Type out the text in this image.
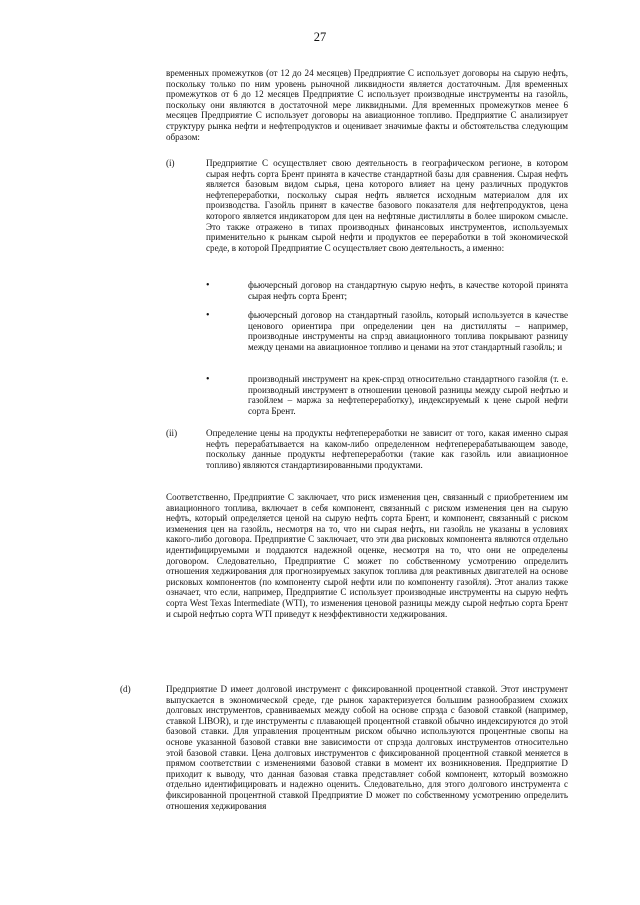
27

временных промежутков (от 12 до 24 месяцев) Предприятие С использует договоры на сырую нефть, поскольку только по ним уровень рыночной ликвидности является достаточным. Для временных промежутков от 6 до 12 месяцев Предприятие С использует производные инструменты на газойль, поскольку они являются в достаточной мере ликвидными. Для временных промежутков менее 6 месяцев Предприятие С использует договоры на авиационное топливо. Предприятие С анализирует структуру рынка нефти и нефтепродуктов и оценивает значимые факты и обстоятельства следующим образом:

(i)	Предприятие С осуществляет свою деятельность в географическом регионе, в котором сырая нефть сорта Брент принята в качестве стандартной базы для сравнения. Сырая нефть является базовым видом сырья, цена которого влияет на цену различных продуктов нефтепереработки, поскольку сырая нефть является исходным материалом для их производства. Газойль принят в качестве базового показателя для нефтепродуктов, цена которого является индикатором для цен на нефтяные дистилляты в более широком смысле. Это также отражено в типах производных финансовых инструментов, используемых применительно к рынкам сырой нефти и продуктов ее переработки в той экономической среде, в которой Предприятие С осуществляет свою деятельность, а именно:

•	фьючерсный договор на стандартную сырую нефть, в качестве которой принята сырая нефть сорта Брент;
•	фьючерсный договор на стандартный газойль, который используется в качестве ценового ориентира при определении цен на дистилляты – например, производные инструменты на спрэд авиационного топлива покрывают разницу между ценами на авиационное топливо и ценами на этот стандартный газойль; и
•	производный инструмент на крек-спрэд относительно стандартного газойля (т. е. производный инструмент в отношении ценовой разницы между сырой нефтью и газойлем – маржа за нефтепереработку), индексируемый к цене сырой нефти сорта Брент.
(ii)	Определение цены на продукты нефтепереработки не зависит от того, какая именно сырая нефть перерабатывается на каком-либо определенном нефтеперерабатывающем заводе, поскольку данные продукты нефтепереработки (такие как газойль или авиационное топливо) являются стандартизированными продуктами.

Соответственно, Предприятие С заключает, что риск изменения цен, связанный с приобретением им авиационного топлива, включает в себя компонент, связанный с риском изменения цен на сырую нефть, который определяется ценой на сырую нефть сорта Брент, и компонент, связанный с риском изменения цен на газойль, несмотря на то, что ни сырая нефть, ни газойль не указаны в условиях какого-либо договора. Предприятие С заключает, что эти два рисковых компонента являются отдельно идентифицируемыми и поддаются надежной оценке, несмотря на то, что они не определены договором. Следовательно, Предприятие С может по собственному усмотрению определить отношения хеджирования для прогнозируемых закупок топлива для реактивных двигателей на основе рисковых компонентов (по компоненту сырой нефти или по компоненту газойля). Этот анализ также означает, что если, например, Предприятие С использует производные инструменты на сырую нефть сорта West Texas Intermediate (WTI), то изменения ценовой разницы между сырой нефтью сорта Брент и сырой нефтью сорта WTI приведут к неэффективности хеджирования.

(d)	Предприятие D имеет долговой инструмент с фиксированной процентной ставкой. Этот инструмент выпускается в экономической среде, где рынок характеризуется большим разнообразием схожих долговых инструментов, сравниваемых между собой на основе спрэда с базовой ставкой (например, ставкой LIBOR), и где инструменты с плавающей процентной ставкой обычно индексируются до этой базовой ставки. Для управления процентным риском обычно используются процентные свопы на основе указанной базовой ставки вне зависимости от спрэда долговых инструментов относительно этой базовой ставки. Цена долговых инструментов с фиксированной процентной ставкой меняется в прямом соответствии с изменениями базовой ставки в момент их возникновения. Предприятие D приходит к выводу, что данная базовая ставка представляет собой компонент, который возможно отдельно идентифицировать и надежно оценить. Следовательно, для этого долгового инструмента с фиксированной процентной ставкой Предприятие D может по собственному усмотрению определить отношения хеджирования
